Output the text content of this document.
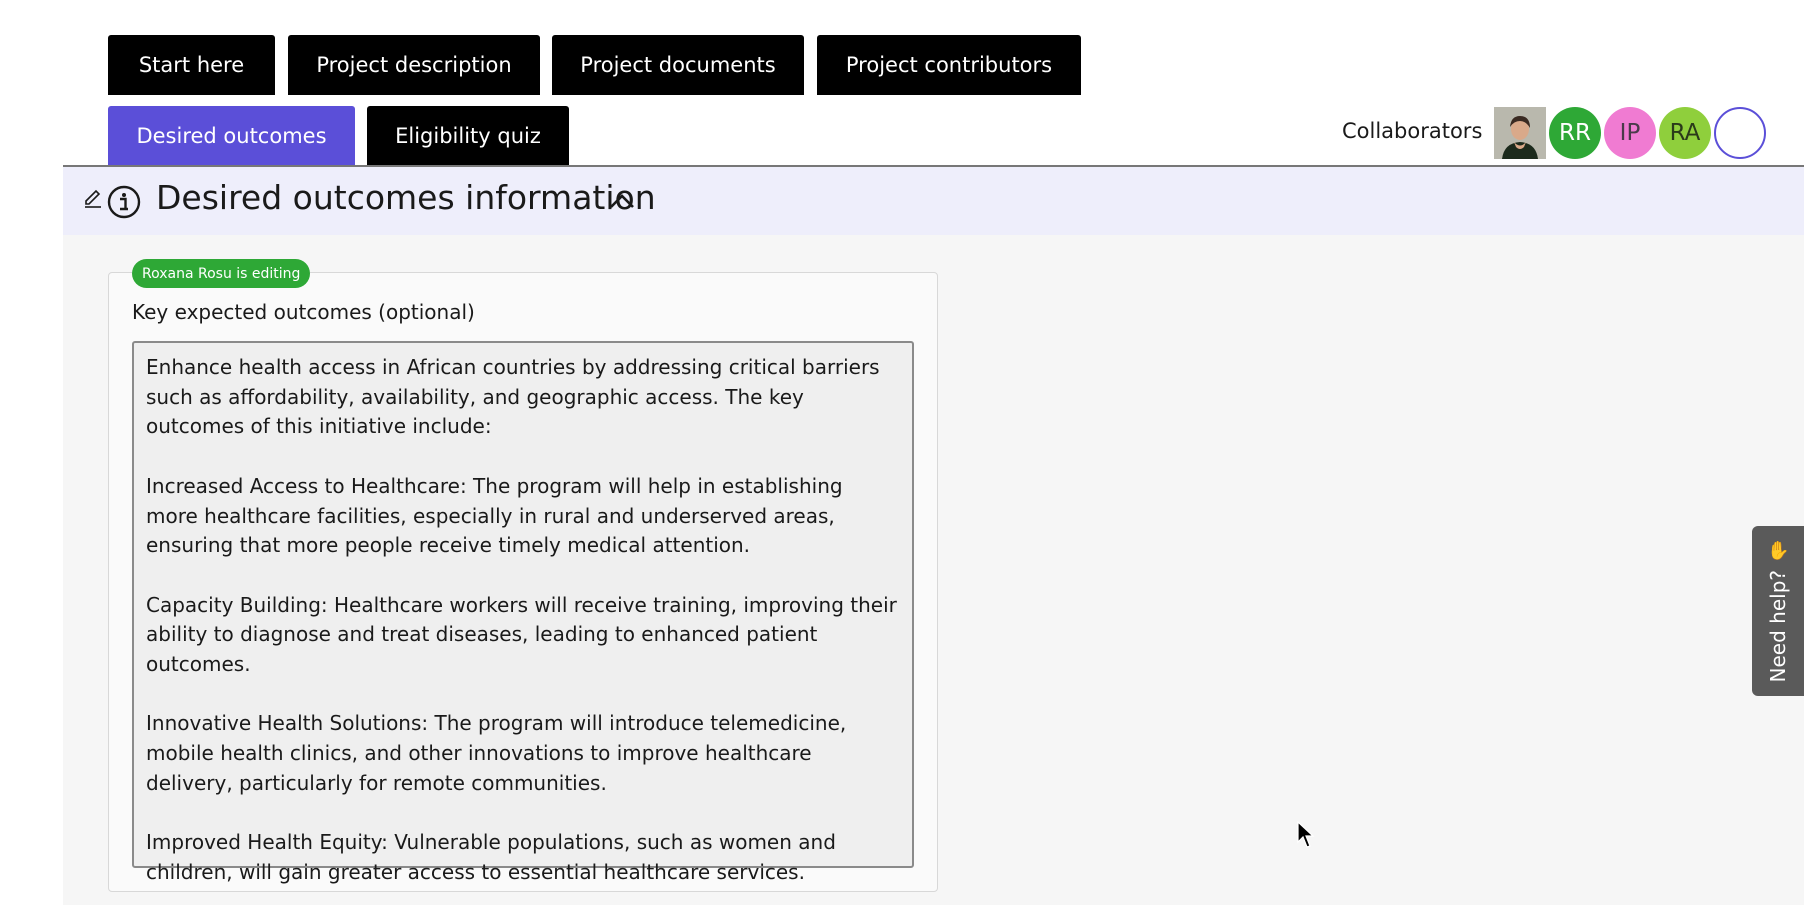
Start here	Project description	Project documents	Project contributors
Desired outcomes	Eligibility quiz	Collaborators	RR IP RA
Desired outcomes information
Roxana Rosu is editing
Key expected outcomes (optional)

Enhance health access in African countries by addressing critical barriers such as affordability, availability, and geographic access. The key outcomes of this initiative include:

Increased Access to Healthcare: The program will help in establishing more healthcare facilities, especially in rural and underserved areas, ensuring that more people receive timely medical attention.

Capacity Building: Healthcare workers will receive training, improving their ability to diagnose and treat diseases, leading to enhanced patient outcomes.

Innovative Health Solutions: The program will introduce telemedicine, mobile health clinics, and other innovations to improve healthcare delivery, particularly for remote communities.

Improved Health Equity: Vulnerable populations, such as women and children, will gain greater access to essential healthcare services.

Need help?
✋
